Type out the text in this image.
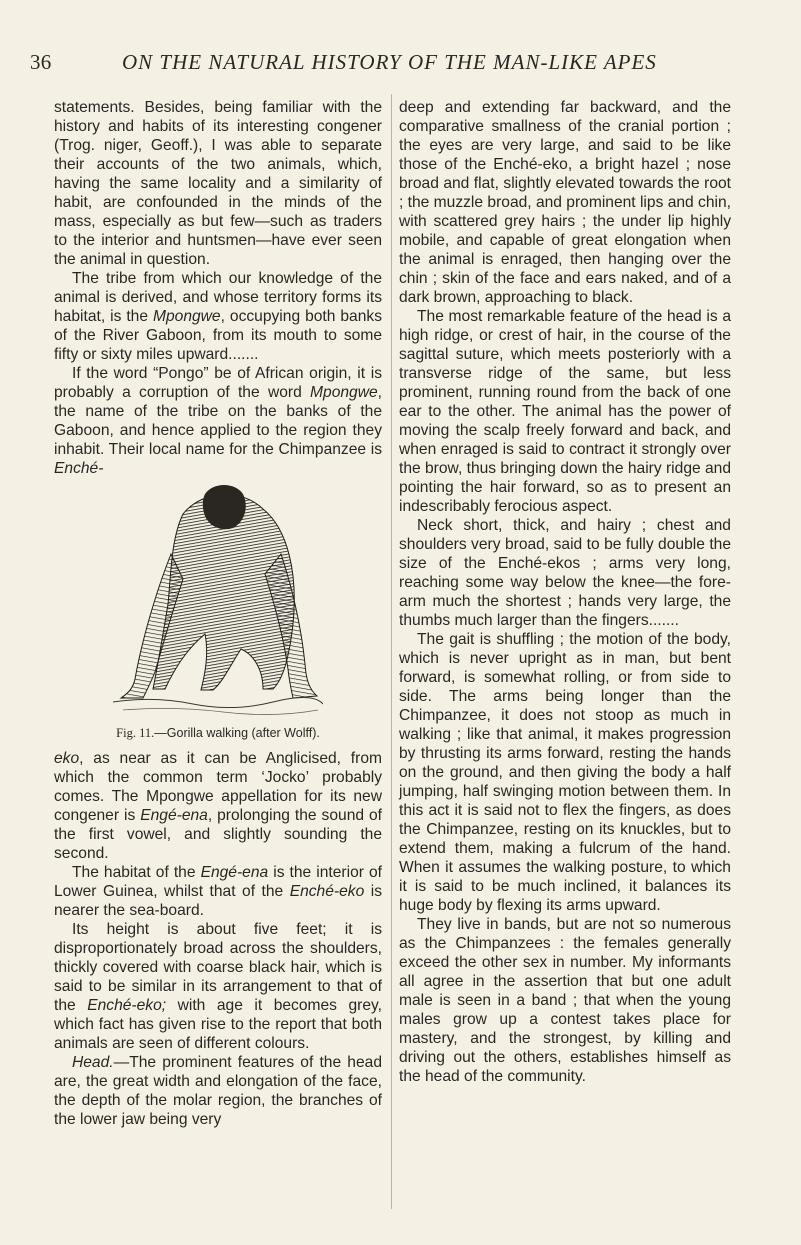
36	ON THE NATURAL HISTORY OF THE MAN-LIKE APES

statements. Besides, being familiar with the history and habits of its interesting congener (Trog. niger, Geoff.), I was able to separate their accounts of the two animals, which, having the same locality and a similarity of habit, are confounded in the minds of the mass, especially as but few—such as traders to the interior and huntsmen—have ever seen the animal in question.

The tribe from which our knowledge of the animal is derived, and whose territory forms its habitat, is the Mpongwe, occupying both banks of the River Gaboon, from its mouth to some fifty or sixty miles upward.......

If the word “Pongo” be of African origin, it is probably a corruption of the word Mpongwe, the name of the tribe on the banks of the Gaboon, and hence applied to the region they inhabit. Their local name for the Chimpanzee is Enché-

Fig. 11.—Gorilla walking (after Wolff).

eko, as near as it can be Anglicised, from which the common term ‘Jocko’ probably comes. The Mpongwe appellation for its new congener is Engé-ena, prolonging the sound of the first vowel, and slightly sounding the second.

The habitat of the Engé-ena is the interior of Lower Guinea, whilst that of the Enché-eko is nearer the sea-board.

Its height is about five feet; it is disproportionately broad across the shoulders, thickly covered with coarse black hair, which is said to be similar in its arrangement to that of the Enché-eko; with age it becomes grey, which fact has given rise to the report that both animals are seen of different colours.

Head.—The prominent features of the head are, the great width and elongation of the face, the depth of the molar region, the branches of the lower jaw being very

deep and extending far backward, and the comparative smallness of the cranial portion ; the eyes are very large, and said to be like those of the Enché-eko, a bright hazel ; nose broad and flat, slightly elevated towards the root ; the muzzle broad, and prominent lips and chin, with scattered grey hairs ; the under lip highly mobile, and capable of great elongation when the animal is enraged, then hanging over the chin ; skin of the face and ears naked, and of a dark brown, approaching to black.

The most remarkable feature of the head is a high ridge, or crest of hair, in the course of the sagittal suture, which meets posteriorly with a transverse ridge of the same, but less prominent, running round from the back of one ear to the other. The animal has the power of moving the scalp freely forward and back, and when enraged is said to contract it strongly over the brow, thus bringing down the hairy ridge and pointing the hair forward, so as to present an indescribably ferocious aspect.

Neck short, thick, and hairy ; chest and shoulders very broad, said to be fully double the size of the Enché-ekos ; arms very long, reaching some way below the knee—the fore-arm much the shortest ; hands very large, the thumbs much larger than the fingers.......

The gait is shuffling ; the motion of the body, which is never upright as in man, but bent forward, is somewhat rolling, or from side to side. The arms being longer than the Chimpanzee, it does not stoop as much in walking ; like that animal, it makes progression by thrusting its arms forward, resting the hands on the ground, and then giving the body a half jumping, half swinging motion between them. In this act it is said not to flex the fingers, as does the Chimpanzee, resting on its knuckles, but to extend them, making a fulcrum of the hand. When it assumes the walking posture, to which it is said to be much inclined, it balances its huge body by flexing its arms upward.

They live in bands, but are not so numerous as the Chimpanzees : the females generally exceed the other sex in number. My informants all agree in the assertion that but one adult male is seen in a band ; that when the young males grow up a contest takes place for mastery, and the strongest, by killing and driving out the others, establishes himself as the head of the community.
